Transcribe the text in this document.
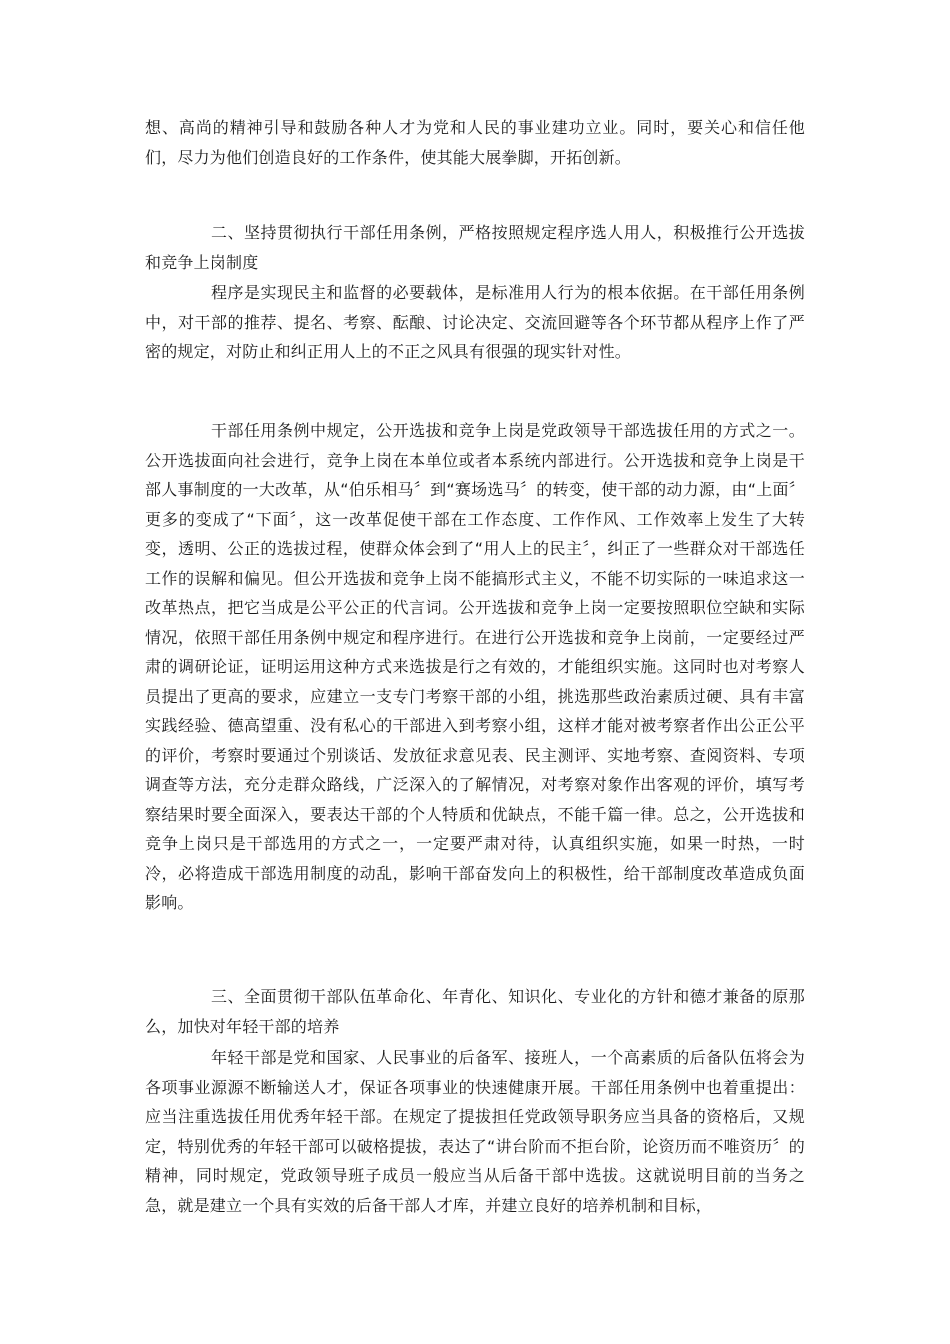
想、高尚的精神引导和鼓励各种人才为党和人民的事业建功立业。同时，要关心和信任他们，尽力为他们创造良好的工作条件，使其能大展拳脚，开拓创新。

二、坚持贯彻执行干部任用条例，严格按照规定程序选人用人，积极推行公开选拔和竞争上岗制度

程序是实现民主和监督的必要载体，是标准用人行为的根本依据。在干部任用条例中，对干部的推荐、提名、考察、酝酿、讨论决定、交流回避等各个环节都从程序上作了严密的规定，对防止和纠正用人上的不正之风具有很强的现实针对性。

干部任用条例中规定，公开选拔和竞争上岗是党政领导干部选拔任用的方式之一。公开选拔面向社会进行，竞争上岗在本单位或者本系统内部进行。公开选拔和竞争上岗是干部人事制度的一大改革，从“伯乐相马〞到“赛场选马〞的转变，使干部的动力源，由“上面〞更多的变成了“下面〞，这一改革促使干部在工作态度、工作作风、工作效率上发生了大转变，透明、公正的选拔过程，使群众体会到了“用人上的民主〞，纠正了一些群众对干部选任工作的误解和偏见。但公开选拔和竞争上岗不能搞形式主义，不能不切实际的一味追求这一改革热点，把它当成是公平公正的代言词。公开选拔和竞争上岗一定要按照职位空缺和实际情况，依照干部任用条例中规定和程序进行。在进行公开选拔和竞争上岗前，一定要经过严肃的调研论证，证明运用这种方式来选拔是行之有效的，才能组织实施。这同时也对考察人员提出了更高的要求，应建立一支专门考察干部的小组，挑选那些政治素质过硬、具有丰富实践经验、德高望重、没有私心的干部进入到考察小组，这样才能对被考察者作出公正公平的评价，考察时要通过个别谈话、发放征求意见表、民主测评、实地考察、查阅资料、专项调查等方法，充分走群众路线，广泛深入的了解情况，对考察对象作出客观的评价，填写考察结果时要全面深入，要表达干部的个人特质和优缺点，不能千篇一律。总之，公开选拔和竞争上岗只是干部选用的方式之一，一定要严肃对待，认真组织实施，如果一时热，一时冷，必将造成干部选用制度的动乱，影响干部奋发向上的积极性，给干部制度改革造成负面影响。

三、全面贯彻干部队伍革命化、年青化、知识化、专业化的方针和德才兼备的原那么，加快对年轻干部的培养

年轻干部是党和国家、人民事业的后备军、接班人，一个高素质的后备队伍将会为各项事业源源不断输送人才，保证各项事业的快速健康开展。干部任用条例中也着重提出：应当注重选拔任用优秀年轻干部。在规定了提拔担任党政领导职务应当具备的资格后，又规定，特别优秀的年轻干部可以破格提拔，表达了“讲台阶而不拒台阶，论资历而不唯资历〞的精神，同时规定，党政领导班子成员一般应当从后备干部中选拔。这就说明目前的当务之急，就是建立一个具有实效的后备干部人才库，并建立良好的培养机制和目标，
